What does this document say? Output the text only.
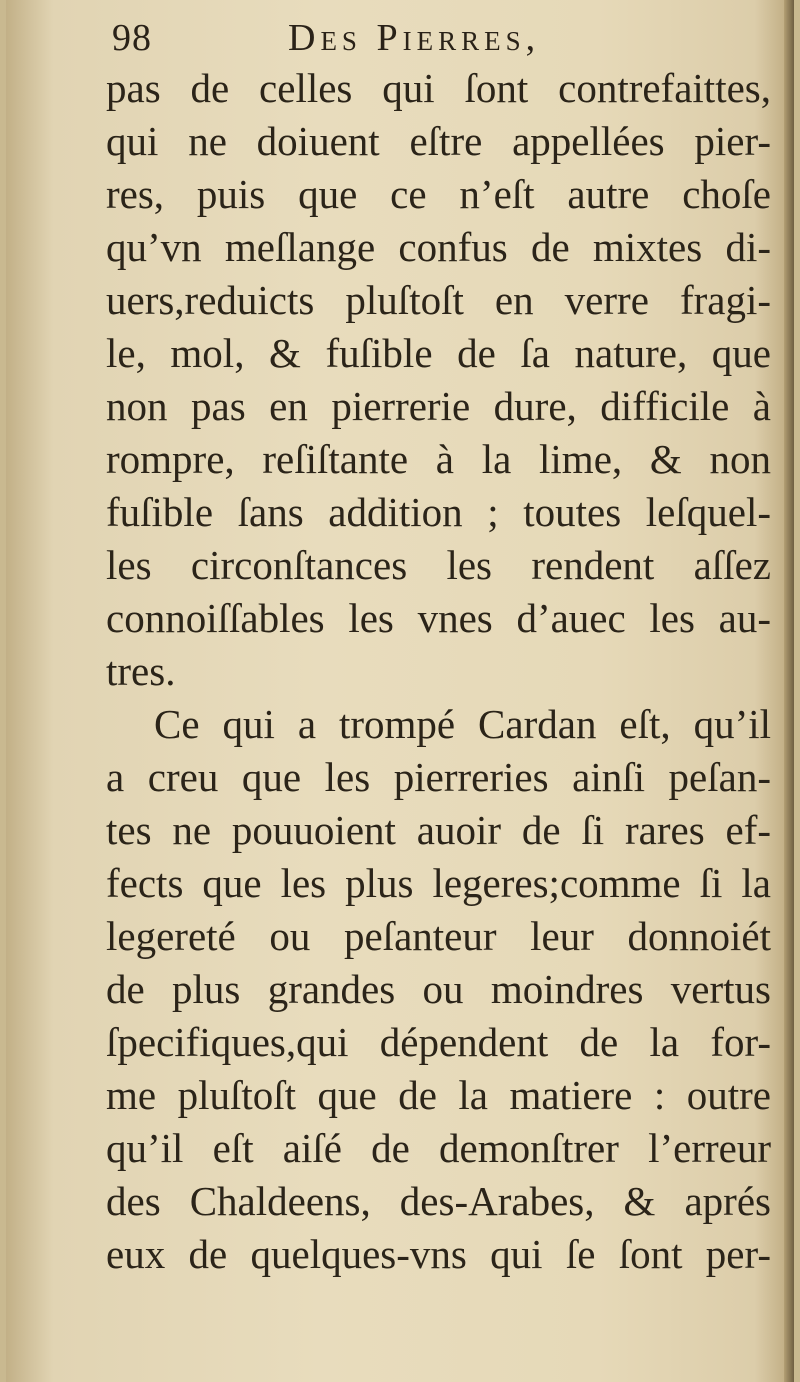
98	Des Pierres,
pas de celles qui ſont contrefaittes,
qui ne doiuent eſtre appellées pier-
res, puis que ce n’eſt autre choſe
qu’vn meſlange confus de mixtes di-
uers,reduicts pluſtoſt en verre fragi-
le, mol, & fuſible de ſa nature, que
non pas en pierrerie dure, difficile à
rompre, reſiſtante à la lime, & non
fuſible ſans addition ; toutes leſquel-
les circonſtances les rendent aſſez
connoiſſables les vnes d’auec les au-
tres.
Ce qui a trompé Cardan eſt, qu’il
a creu que les pierreries ainſi peſan-
tes ne pouuoient auoir de ſi rares ef-
fects que les plus legeres;comme ſi la
legereté ou peſanteur leur donnoiét
de plus grandes ou moindres vertus
ſpecifiques,qui dépendent de la for-
me pluſtoſt que de la matiere : outre
qu’il eſt aiſé de demonſtrer l’erreur
des Chaldeens, des-Arabes, & aprés
eux de quelques-vns qui ſe ſont per-
